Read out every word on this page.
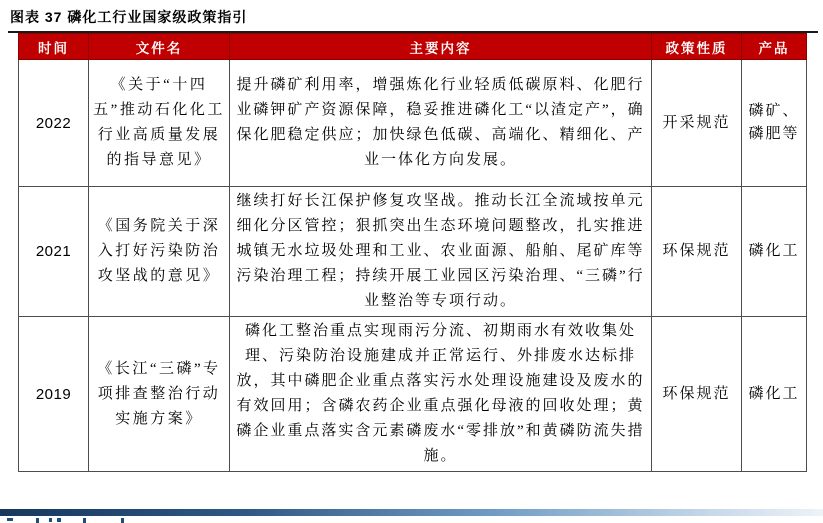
图表 37 磷化工行业国家级政策指引
时间	文件名	主要内容	政策性质	产品
2022	《关于“十四五”推动石化化工行业高质量发展的指导意见》	提升磷矿利用率，增强炼化行业轻质低碳原料、化肥行业磷钾矿产资源保障，稳妥推进磷化工“以渣定产”，确保化肥稳定供应；加快绿色低碳、高端化、精细化、产业一体化方向发展。	开采规范	磷矿、磷肥等
2021	《国务院关于深入打好污染防治攻坚战的意见》	继续打好长江保护修复攻坚战。推动长江全流域按单元细化分区管控；狠抓突出生态环境问题整改，扎实推进城镇无水垃圾处理和工业、农业面源、船舶、尾矿库等污染治理工程；持续开展工业园区污染治理、“三磷”行业整治等专项行动。	环保规范	磷化工
2019	《长江“三磷”专项排查整治行动实施方案》	磷化工整治重点实现雨污分流、初期雨水有效收集处理、污染防治设施建成并正常运行、外排废水达标排放，其中磷肥企业重点落实污水处理设施建设及废水的有效回用；含磷农药企业重点强化母液的回收处理；黄磷企业重点落实含元素磷废水“零排放”和黄磷防流失措施。	环保规范	磷化工
